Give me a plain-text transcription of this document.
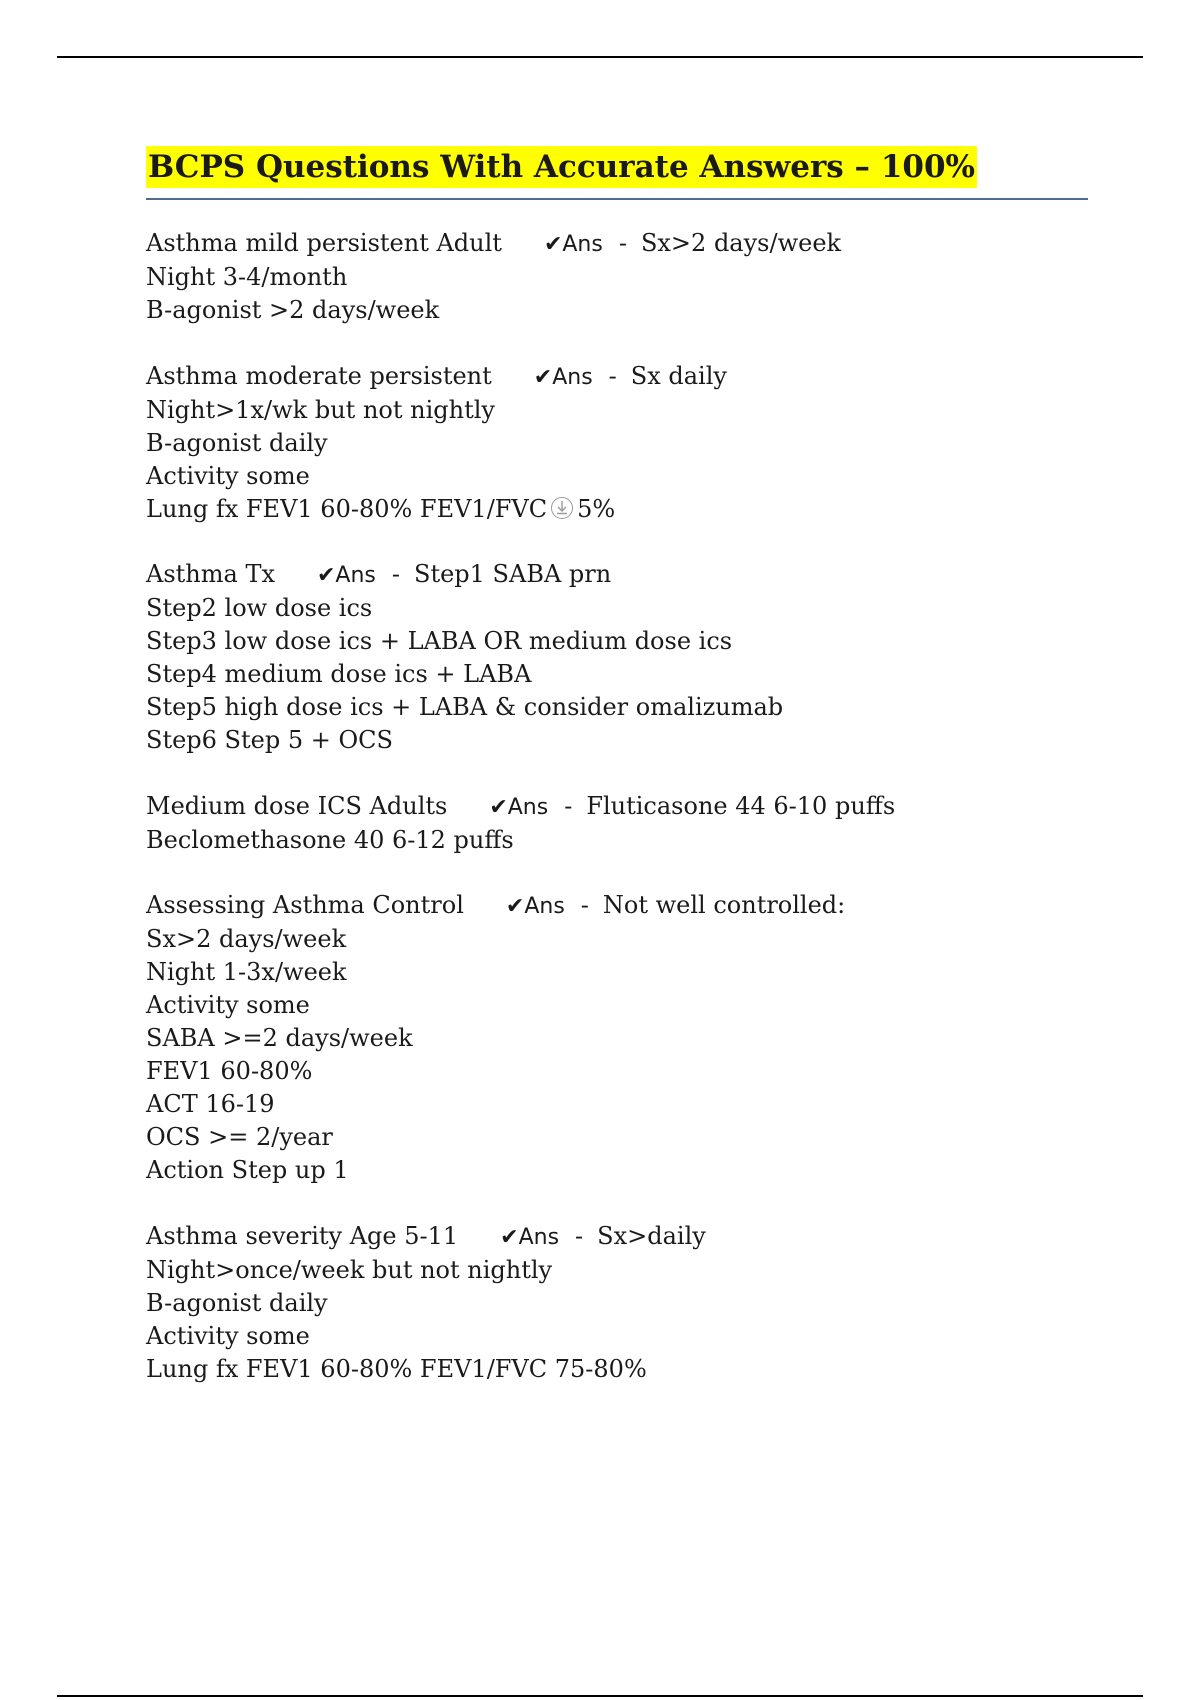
BCPS Questions With Accurate Answers – 100%
Asthma mild persistent Adult ✔Ans - Sx>2 days/week
Night 3-4/month
B-agonist >2 days/week
Asthma moderate persistent ✔Ans - Sx daily
Night>1x/wk but not nightly
B-agonist daily
Activity some
Lung fx FEV1 60-80% FEV1/FVC 5%
Asthma Tx ✔Ans - Step1 SABA prn
Step2 low dose ics
Step3 low dose ics + LABA OR medium dose ics
Step4 medium dose ics + LABA
Step5 high dose ics + LABA & consider omalizumab
Step6 Step 5 + OCS
Medium dose ICS Adults ✔Ans - Fluticasone 44 6-10 puffs
Beclomethasone 40 6-12 puffs
Assessing Asthma Control ✔Ans - Not well controlled:
Sx>2 days/week
Night 1-3x/week
Activity some
SABA >=2 days/week
FEV1 60-80%
ACT 16-19
OCS >= 2/year
Action Step up 1
Asthma severity Age 5-11 ✔Ans - Sx>daily
Night>once/week but not nightly
B-agonist daily
Activity some
Lung fx FEV1 60-80% FEV1/FVC 75-80%
